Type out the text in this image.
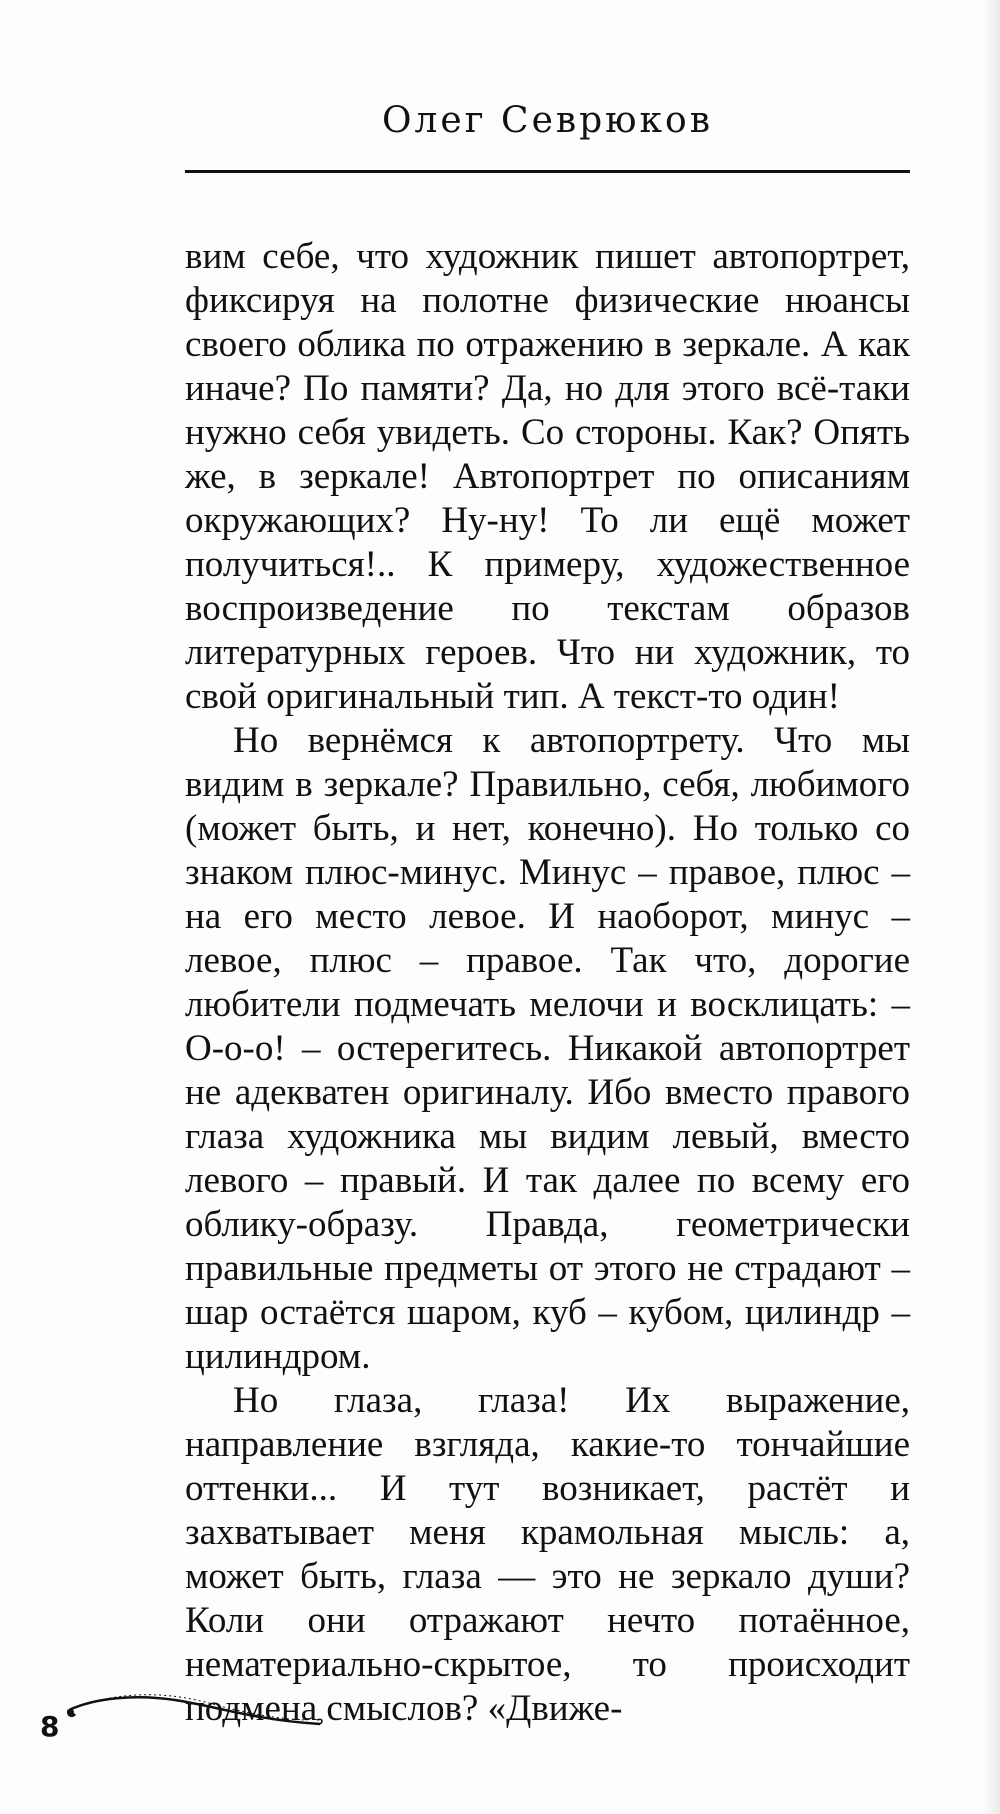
Олег Севрюков

вим себе, что художник пишет автопортрет, фиксируя на полотне физические нюансы своего облика по отражению в зеркале. А как иначе? По памяти? Да, но для этого всё-таки нужно себя увидеть. Со стороны. Как? Опять же, в зеркале! Автопортрет по описаниям окружающих? Ну-ну! То ли ещё может получиться!.. К примеру, художественное воспроизведение по текстам образов литературных героев. Что ни художник, то свой оригинальный тип. А текст-то один!

Но вернёмся к автопортрету. Что мы видим в зеркале? Правильно, себя, любимого (может быть, и нет, конечно). Но только со знаком плюс-минус. Минус – правое, плюс – на его место левое. И наоборот, минус – левое, плюс – правое. Так что, дорогие любители подмечать мелочи и восклицать: – О-о-о! – остерегитесь. Никакой автопортрет не адекватен оригиналу. Ибо вместо правого глаза художника мы видим левый, вместо левого – правый. И так далее по всему его облику-образу. Правда, геометрически правильные предметы от этого не страдают – шар остаётся шаром, куб – кубом, цилиндр – цилиндром.

Но глаза, глаза! Их выражение, направление взгляда, какие-то тончайшие оттенки... И тут возникает, растёт и захватывает меня крамольная мысль: а, может быть, глаза — это не зеркало души? Коли они отражают нечто потаённое, нематериально-скрытое, то происходит подмена смыслов? «Движе-

8
